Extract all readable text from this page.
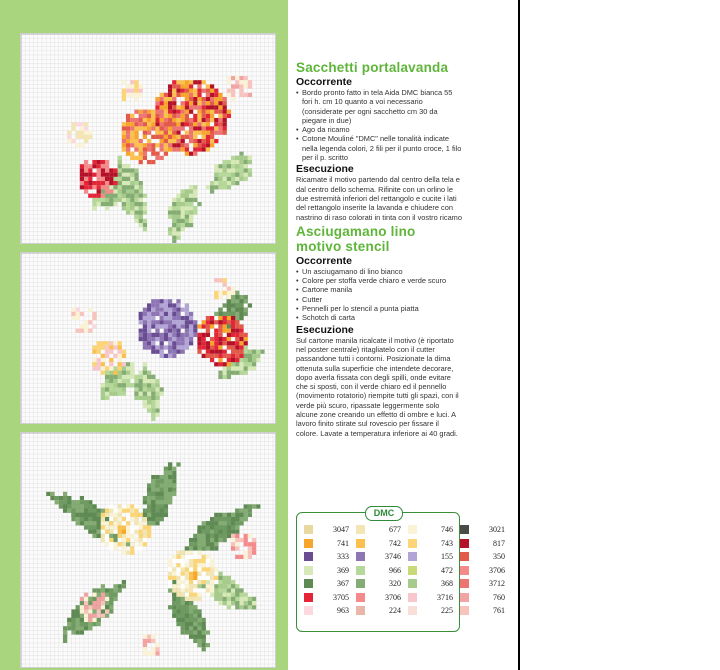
Sacchetti portalavanda
Occorrente
• Bordo pronto fatto in tela Aida DMC bianca 55 fori h. cm 10 quanto a voi necessario (considerate per ogni sacchetto cm 30 da piegare in due)
• Ago da ricamo
• Cotone Mouliné "DMC" nelle tonalità indicate nella legenda colori, 2 fili per il punto croce, 1 filo per il p. scritto
Esecuzione

Ricamate il motivo partendo dal centro della tela e dal centro dello schema. Rifinite con un orlino le due estremità inferiori del rettangolo e cucite i lati del rettangolo inserite la lavanda e chiudere con nastrino di raso colorati in tinta con il vostro ricamo

Asciugamano lino motivo stencil
Occorrente
• Un asciugamano di lino bianco
• Colore per stoffa verde chiaro e verde scuro
• Cartone manila
• Cutter
• Pennelli per lo stencil a punta piatta
• Schotch di carta
Esecuzione

Sul cartone manila ricalcate il motivo (è riportato nel poster centrale) ritagliatelo con il cutter passandone tutti i contorni. Posizionate la dima ottenuta sulla superficie che intendete decorare, dopo averla fissata con degli spilli, onde evitare che si sposti, con il verde chiaro ed il pennello (movimento rotatorio) riempite tutti gli spazi, con il verde più scuro, ripassate leggermente solo alcune zone creando un effetto di ombre e luci. A lavoro finito stirate sul rovescio per fissare il colore. Lavate a temperatura inferiore ai 40 gradi.

DMC
3047	677	746	3021
741	742	743	817
333	3746	155	350
369	966	472	3706
367	320	368	3712
3705	3706	3716	760
963	224	225	761
